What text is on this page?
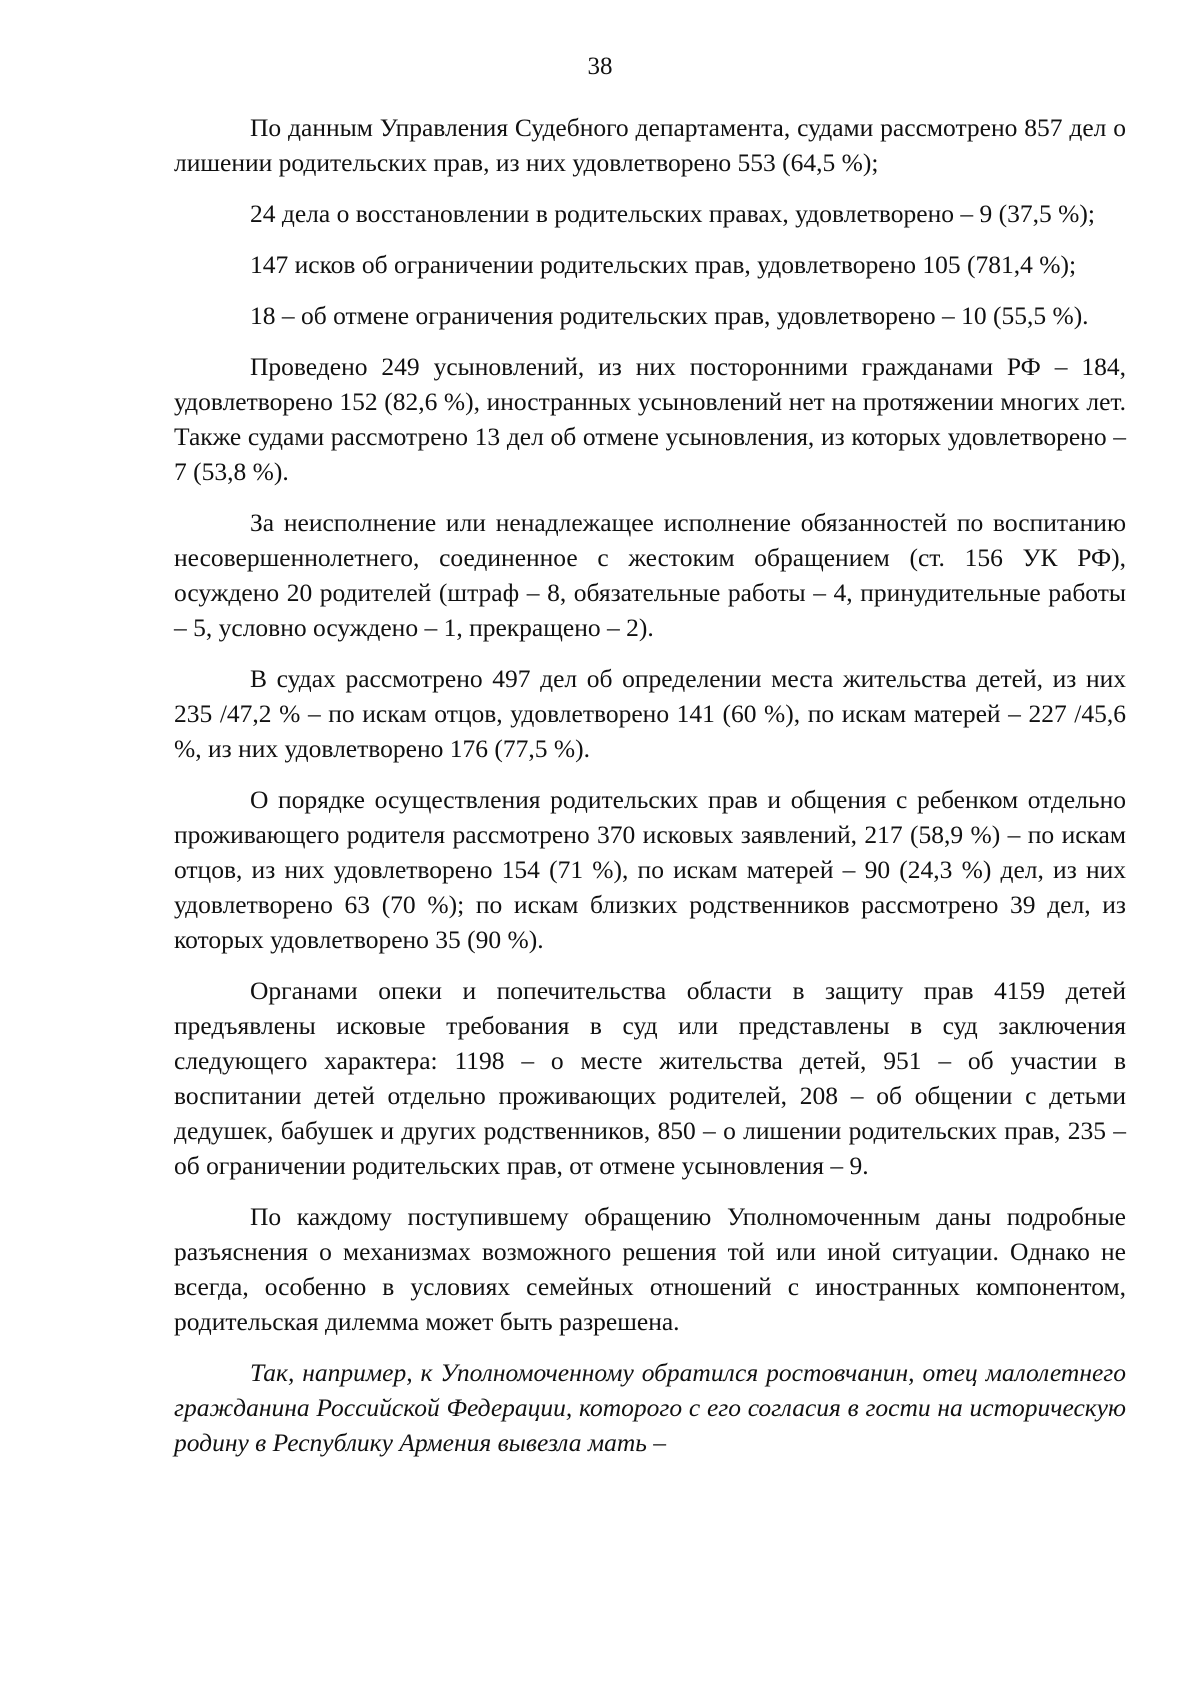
38

По данным Управления Судебного департамента, судами рассмотрено 857 дел о лишении родительских прав, из них удовлетворено 553 (64,5 %);

24 дела о восстановлении в родительских правах, удовлетворено – 9 (37,5 %);

147 исков об ограничении родительских прав, удовлетворено 105 (781,4 %);

18 – об отмене ограничения родительских прав, удовлетворено – 10 (55,5 %).

Проведено 249 усыновлений, из них посторонними гражданами РФ – 184, удовлетворено 152 (82,6 %), иностранных усыновлений нет на протяжении многих лет. Также судами рассмотрено 13 дел об отмене усыновления, из которых удовлетворено – 7 (53,8 %).

За неисполнение или ненадлежащее исполнение обязанностей по воспитанию несовершеннолетнего, соединенное с жестоким обращением (ст. 156 УК РФ), осуждено 20 родителей (штраф – 8, обязательные работы – 4, принудительные работы – 5, условно осуждено – 1, прекращено – 2).

В судах рассмотрено 497 дел об определении места жительства детей, из них 235 /47,2 % – по искам отцов, удовлетворено 141 (60 %), по искам матерей – 227 /45,6 %, из них удовлетворено 176 (77,5 %).

О порядке осуществления родительских прав и общения с ребенком отдельно проживающего родителя рассмотрено 370 исковых заявлений, 217 (58,9 %) – по искам отцов, из них удовлетворено 154 (71 %), по искам матерей – 90 (24,3 %) дел, из них удовлетворено 63 (70 %); по искам близких родственников рассмотрено 39 дел, из которых удовлетворено 35 (90 %).

Органами опеки и попечительства области в защиту прав 4159 детей предъявлены исковые требования в суд или представлены в суд заключения следующего характера: 1198 – о месте жительства детей, 951 – об участии в воспитании детей отдельно проживающих родителей, 208 – об общении с детьми дедушек, бабушек и других родственников, 850 – о лишении родительских прав, 235 – об ограничении родительских прав, от отмене усыновления – 9.

По каждому поступившему обращению Уполномоченным даны подробные разъяснения о механизмах возможного решения той или иной ситуации. Однако не всегда, особенно в условиях семейных отношений с иностранных компонентом, родительская дилемма может быть разрешена.

Так, например, к Уполномоченному обратился ростовчанин, отец малолетнего гражданина Российской Федерации, которого с его согласия в гости на историческую родину в Республику Армения вывезла мать –
